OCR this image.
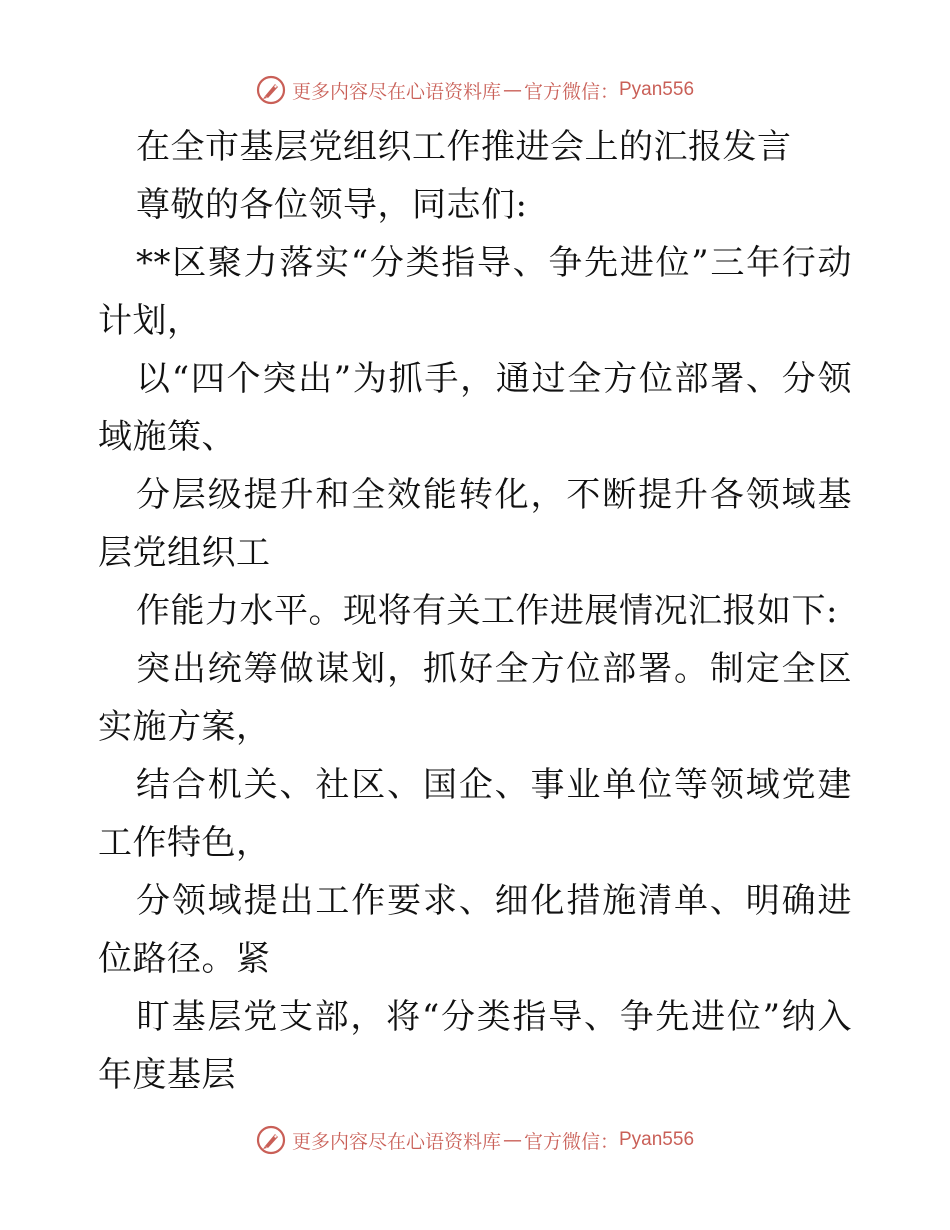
更多内容尽在心语资料库 — 官方微信： Pyan556

在全市基层党组织工作推进会上的汇报发言

尊敬的各位领导，同志们:

**区聚力落实“分类指导、争先进位”三年行动计划，

以“四个突出”为抓手，通过全方位部署、分领域施策、

分层级提升和全效能转化，不断提升各领域基层党组织工

作能力水平。现将有关工作进展情况汇报如下:

突出统筹做谋划，抓好全方位部署。制定全区实施方案，

结合机关、社区、国企、事业单位等领域党建工作特色，

分领域提出工作要求、细化措施清单、明确进位路径。紧

盯基层党支部，将“分类指导、争先进位”纳入年度基层

更多内容尽在心语资料库 — 官方微信： Pyan556
